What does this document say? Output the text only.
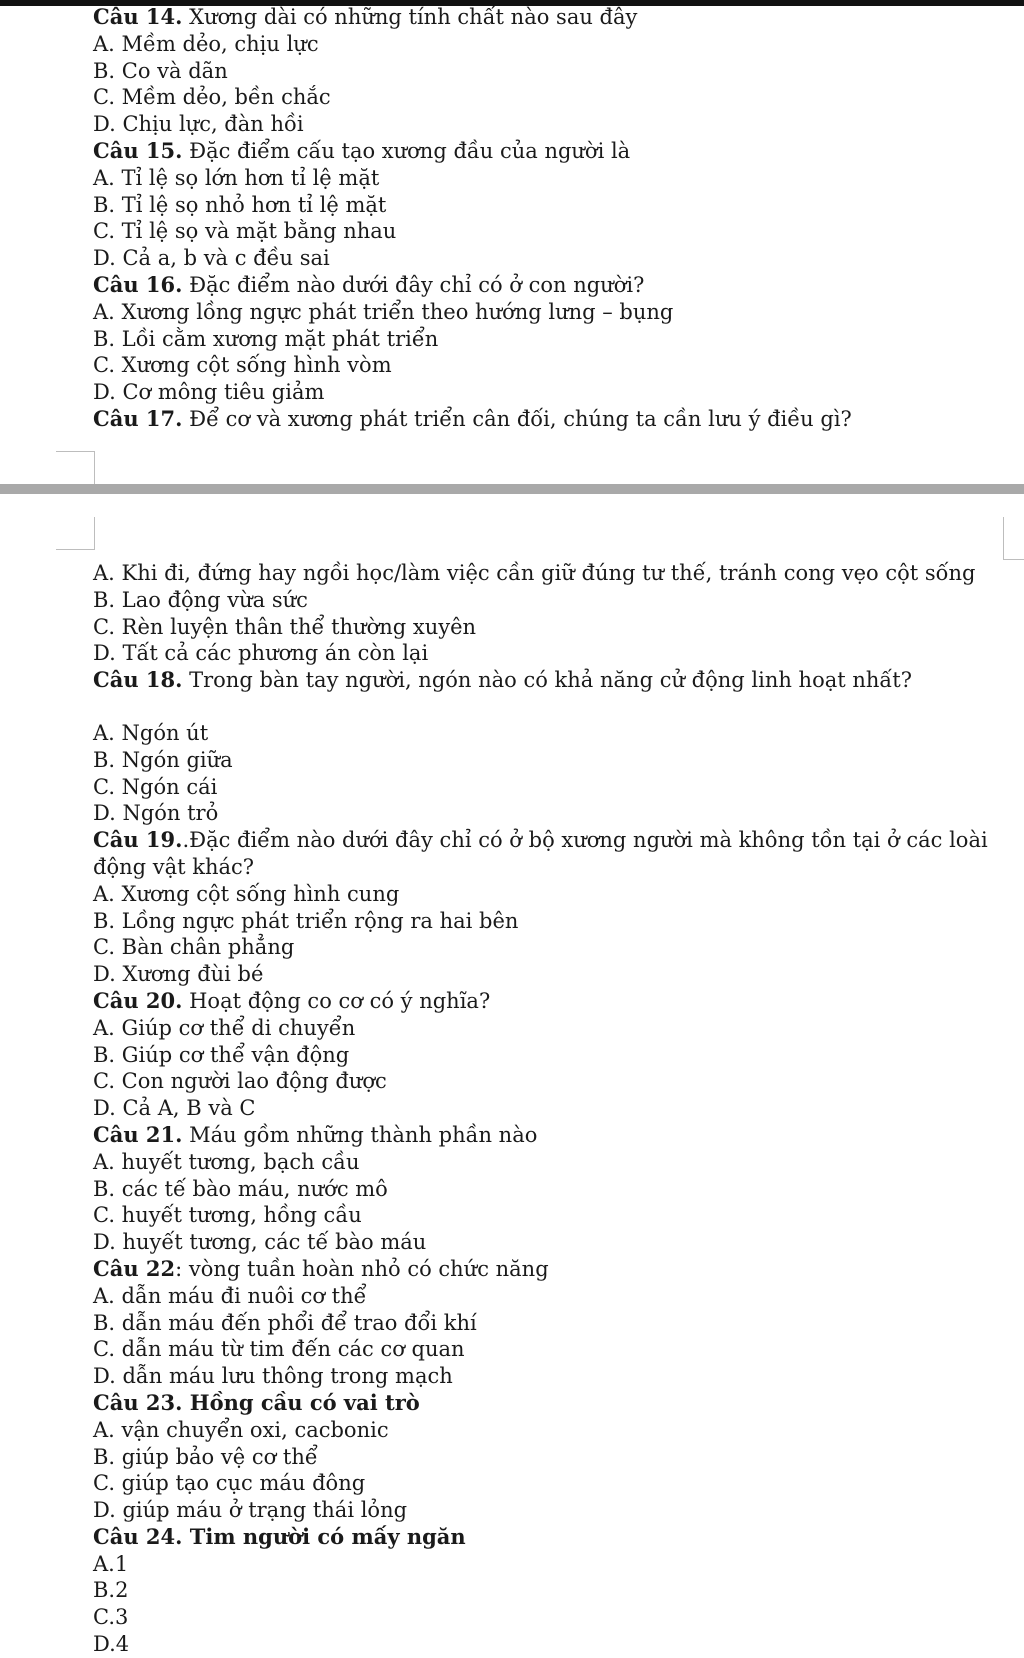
Câu 14. Xương dài có những tính chất nào sau đây
A. Mềm dẻo, chịu lực
B. Co và dãn
C. Mềm dẻo, bền chắc
D. Chịu lực, đàn hồi
Câu 15. Đặc điểm cấu tạo xương đầu của người là
A. Tỉ lệ sọ lớn hơn tỉ lệ mặt
B. Tỉ lệ sọ nhỏ hơn tỉ lệ mặt
C. Tỉ lệ sọ và mặt bằng nhau
D. Cả a, b và c đều sai
Câu 16. Đặc điểm nào dưới đây chỉ có ở con người?
A. Xương lồng ngực phát triển theo hướng lưng – bụng
B. Lồi cằm xương mặt phát triển
C. Xương cột sống hình vòm
D. Cơ mông tiêu giảm
Câu 17. Để cơ và xương phát triển cân đối, chúng ta cần lưu ý điều gì?
A. Khi đi, đứng hay ngồi học/làm việc cần giữ đúng tư thế, tránh cong vẹo cột sống
B. Lao động vừa sức
C. Rèn luyện thân thể thường xuyên
D. Tất cả các phương án còn lại
Câu 18. Trong bàn tay người, ngón nào có khả năng cử động linh hoạt nhất?
A. Ngón út
B. Ngón giữa
C. Ngón cái
D. Ngón trỏ
Câu 19..Đặc điểm nào dưới đây chỉ có ở bộ xương người mà không tồn tại ở các loài
động vật khác?
A. Xương cột sống hình cung
B. Lồng ngực phát triển rộng ra hai bên
C. Bàn chân phẳng
D. Xương đùi bé
Câu 20. Hoạt động co cơ có ý nghĩa?
A. Giúp cơ thể di chuyển
B. Giúp cơ thể vận động
C. Con người lao động được
D. Cả A, B và C
Câu 21. Máu gồm những thành phần nào
A. huyết tương, bạch cầu
B. các tế bào máu, nước mô
C. huyết tương, hồng cầu
D. huyết tương, các tế bào máu
Câu 22: vòng tuần hoàn nhỏ có chức năng
A. dẫn máu đi nuôi cơ thể
B. dẫn máu đến phổi để trao đổi khí
C. dẫn máu từ tim đến các cơ quan
D. dẫn máu lưu thông trong mạch
Câu 23. Hồng cầu có vai trò
A. vận chuyển oxi, cacbonic
B. giúp bảo vệ cơ thể
C. giúp tạo cục máu đông
D. giúp máu ở trạng thái lỏng
Câu 24. Tim người có mấy ngăn
A.1
B.2
C.3
D.4
